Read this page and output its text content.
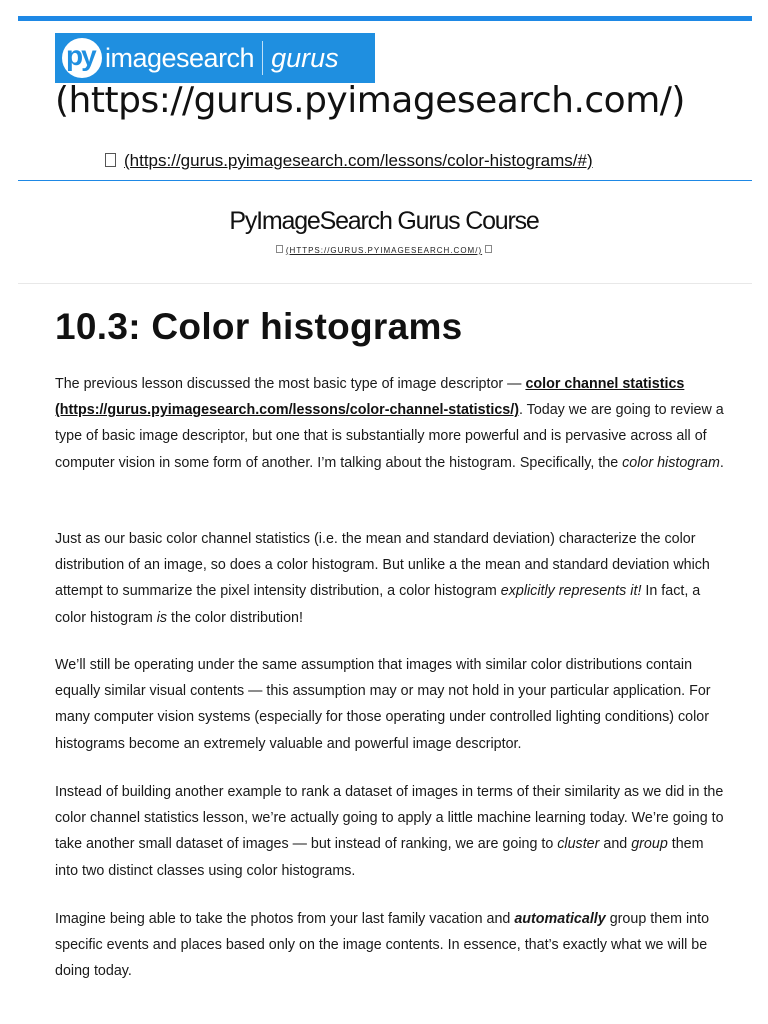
py imagesearch gurus
(https://gurus.pyimagesearch.com/)
(https://gurus.pyimagesearch.com/lessons/color-histograms/#)
PyImageSearch Gurus Course
(HTTPS://GURUS.PYIMAGESEARCH.COM/)
10.3: Color histograms

The previous lesson discussed the most basic type of image descriptor — color channel statistics (https://gurus.pyimagesearch.com/lessons/color-channel-statistics/). Today we are going to review a type of basic image descriptor, but one that is substantially more powerful and is pervasive across all of computer vision in some form of another. I’m talking about the histogram. Specifically, the color histogram.

Just as our basic color channel statistics (i.e. the mean and standard deviation) characterize the color distribution of an image, so does a color histogram. But unlike a the mean and standard deviation which attempt to summarize the pixel intensity distribution, a color histogram explicitly represents it! In fact, a color histogram is the color distribution!

We’ll still be operating under the same assumption that images with similar color distributions contain equally similar visual contents — this assumption may or may not hold in your particular application. For many computer vision systems (especially for those operating under controlled lighting conditions) color histograms become an extremely valuable and powerful image descriptor.

Instead of building another example to rank a dataset of images in terms of their similarity as we did in the color channel statistics lesson, we’re actually going to apply a little machine learning today. We’re going to take another small dataset of images — but instead of ranking, we are going to cluster and group them into two distinct classes using color histograms.

Imagine being able to take the photos from your last family vacation and automatically group them into specific events and places based only on the image contents. In essence, that’s exactly what we will be doing today.
